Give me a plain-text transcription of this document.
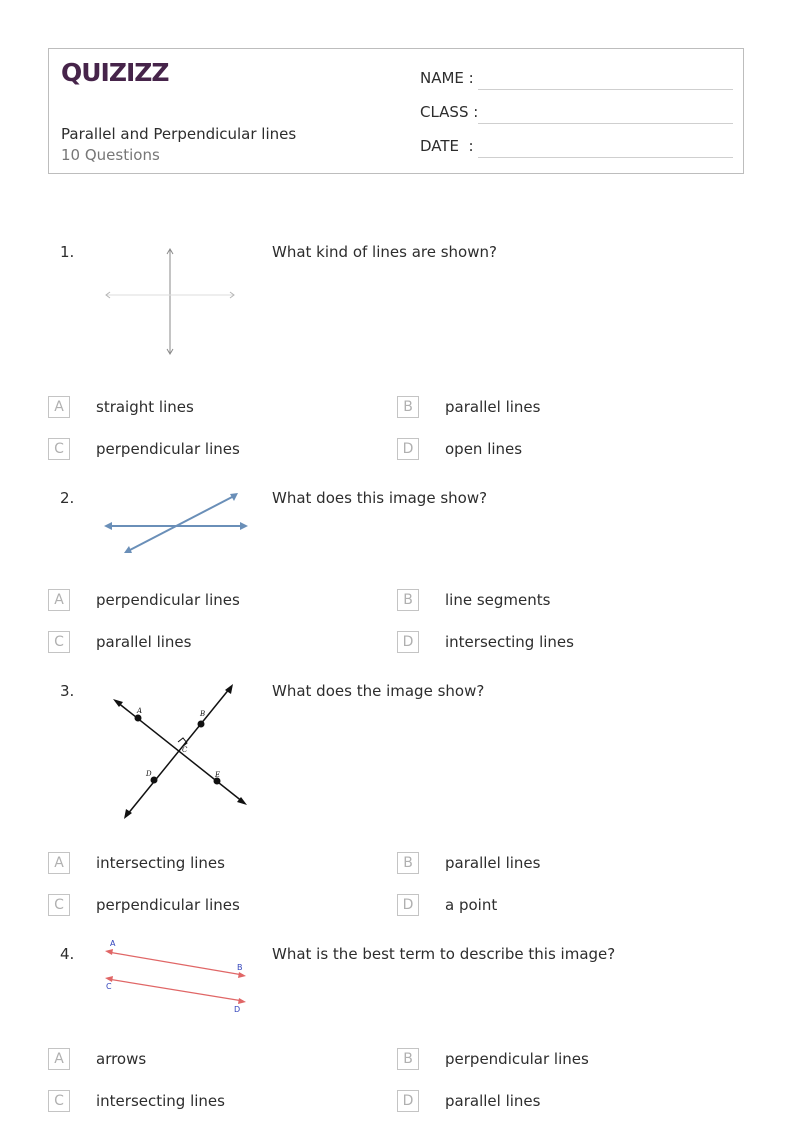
QUIZIZZ
Parallel and Perpendicular lines
10 Questions
NAME :
CLASS :
DATE  :
1.	What kind of lines are shown?
A	straight lines	B	parallel lines
C	perpendicular lines	D	open lines
2.	What does this image show?
A	perpendicular lines	B	line segments
C	parallel lines	D	intersecting lines
3.
A	B
C
D	E
What does the image show?
A	intersecting lines	B	parallel lines
C	perpendicular lines	D	a point
4.
A
B
C
D
What is the best term to describe this image?
A	arrows	B	perpendicular lines
C	intersecting lines	D	parallel lines
